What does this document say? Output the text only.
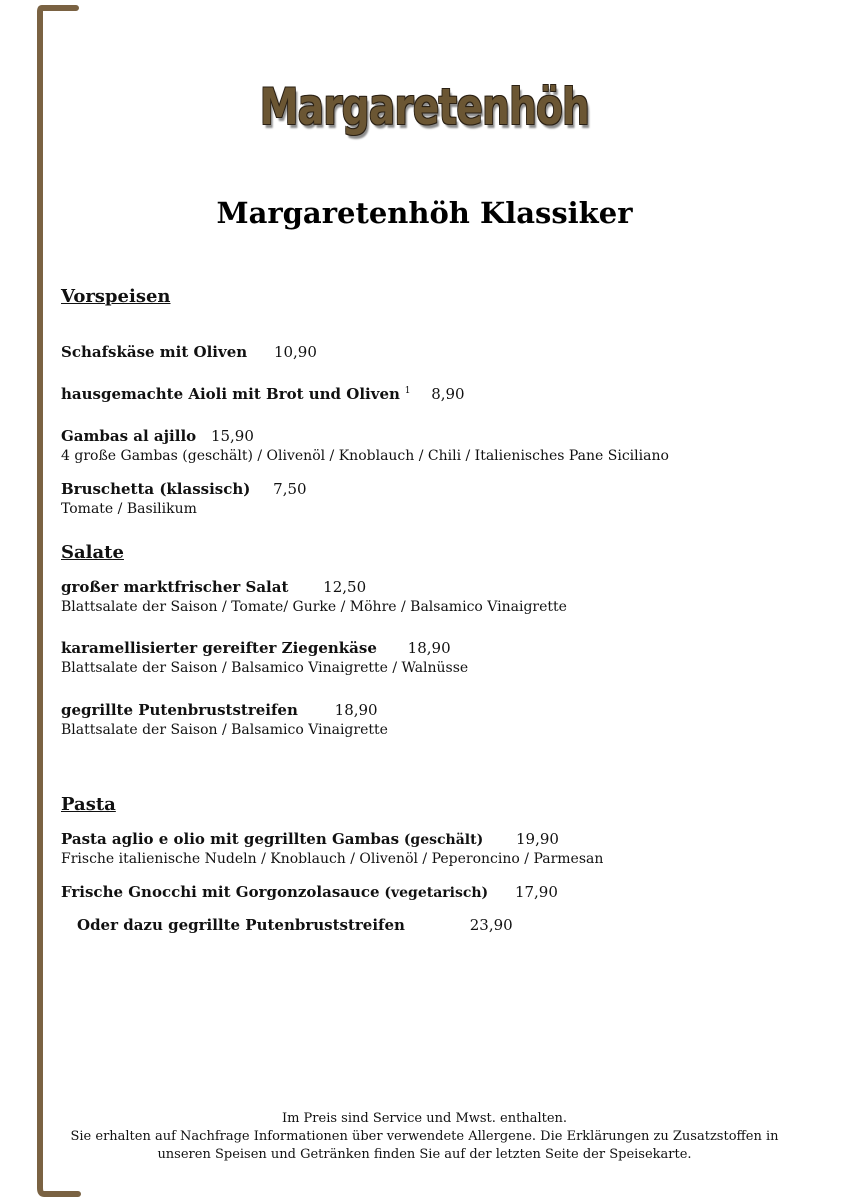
Margaretenhöh
Margaretenhöh Klassiker
Vorspeisen
Schafskäse mit Oliven 10,90
hausgemachte Aioli mit Brot und Oliven $^1$ 8,90
Gambas al ajillo 15,90
4 große Gambas (geschält) / Olivenöl / Knoblauch / Chili / Italienisches Pane Siciliano
Bruschetta (klassisch) 7,50
Tomate / Basilikum
Salate
großer marktfrischer Salat 12,50
Blattsalate der Saison / Tomate/ Gurke / Möhre / Balsamico Vinaigrette
karamellisierter gereifter Ziegenkäse 18,90
Blattsalate der Saison / Balsamico Vinaigrette / Walnüsse
gegrillte Putenbruststreifen 18,90
Blattsalate der Saison / Balsamico Vinaigrette
Pasta
Pasta aglio e olio mit gegrillten Gambas (geschält) 19,90
Frische italienische Nudeln / Knoblauch / Olivenöl / Peperoncino / Parmesan
Frische Gnocchi mit Gorgonzolasauce (vegetarisch) 17,90
Oder dazu gegrillte Putenbruststreifen	23,90
Im Preis sind Service und Mwst. enthalten.
Sie erhalten auf Nachfrage Informationen über verwendete Allergene. Die Erklärungen zu Zusatzstoffen in
unseren Speisen und Getränken finden Sie auf der letzten Seite der Speisekarte.
